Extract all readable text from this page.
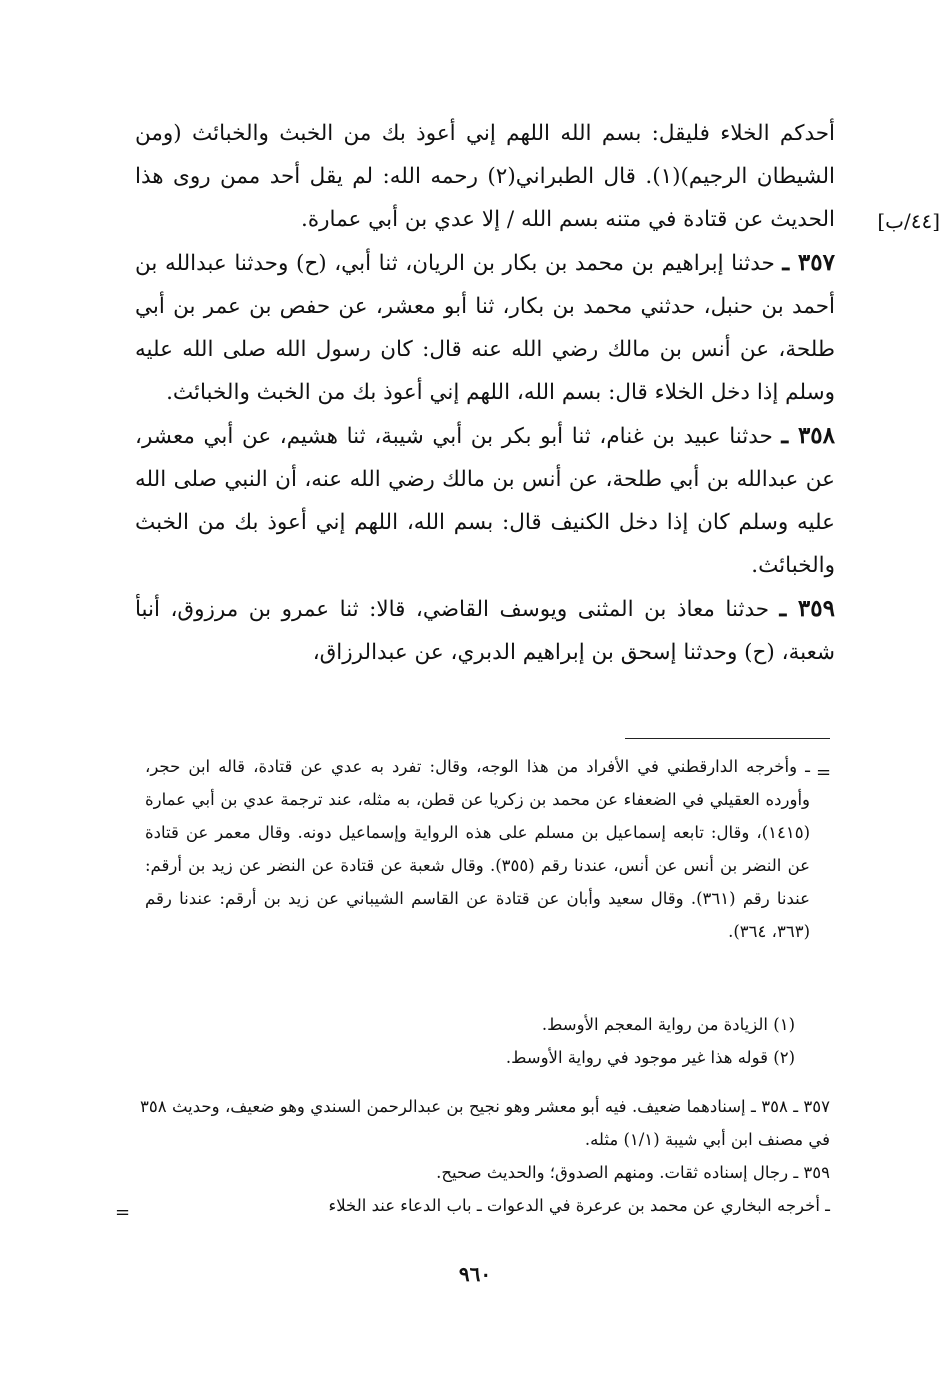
[٤٤/ب]

أحدكم الخلاء فليقل: بسم الله اللهم إني أعوذ بك من الخبث والخبائث (ومن الشيطان الرجيم)(١). قال الطبراني(٢) رحمه الله: لم يقل أحد ممن روى هذا الحديث عن قتادة في متنه بسم الله / إلا عدي بن أبي عمارة.

٣٥٧ ـ حدثنا إبراهيم بن محمد بن بكار بن الريان، ثنا أبي، (ح) وحدثنا عبدالله بن أحمد بن حنبل، حدثني محمد بن بكار، ثنا أبو معشر، عن حفص بن عمر بن أبي طلحة، عن أنس بن مالك رضي الله عنه قال: كان رسول الله صلى الله عليه وسلم إذا دخل الخلاء قال: بسم الله، اللهم إني أعوذ بك من الخبث والخبائث.

٣٥٨ ـ حدثنا عبيد بن غنام، ثنا أبو بكر بن أبي شيبة، ثنا هشيم، عن أبي معشر، عن عبدالله بن أبي طلحة، عن أنس بن مالك رضي الله عنه، أن النبي صلى الله عليه وسلم كان إذا دخل الكنيف قال: بسم الله، اللهم إني أعوذ بك من الخبث والخبائث.

٣٥٩ ـ حدثنا معاذ بن المثنى ويوسف القاضي، قالا: ثنا عمرو بن مرزوق، أنبأ شعبة، (ح) وحدثنا إسحق بن إبراهيم الدبري، عن عبدالرزاق،

=

ـ وأخرجه الدارقطني في الأفراد من هذا الوجه، وقال: تفرد به عدي عن قتادة، قاله ابن حجر، وأورده العقيلي في الضعفاء عن محمد بن زكريا عن قطن، به مثله، عند ترجمة عدي بن أبي عمارة (١٤١٥)، وقال: تابعه إسماعيل بن مسلم على هذه الرواية وإسماعيل دونه. وقال معمر عن قتادة عن النضر بن أنس عن أنس، عندنا رقم (٣٥٥). وقال شعبة عن قتادة عن النضر عن زيد بن أرقم: عندنا رقم (٣٦١). وقال سعيد وأبان عن قتادة عن القاسم الشيباني عن زيد بن أرقم: عندنا رقم (٣٦٣، ٣٦٤).

(١) الزيادة من رواية المعجم الأوسط.

(٢) قوله هذا غير موجود في رواية الأوسط.

٣٥٧ ـ ٣٥٨ ـ إسنادهما ضعيف. فيه أبو معشر وهو نجيح بن عبدالرحمن السندي وهو ضعيف، وحديث ٣٥٨ في مصنف ابن أبي شيبة (١/١) مثله.

٣٥٩ ـ رجال إسناده ثقات. ومنهم الصدوق؛ والحديث صحيح.

ـ أخرجه البخاري عن محمد بن عرعرة في الدعوات ـ باب الدعاء عند الخلاء

=
٩٦٠
